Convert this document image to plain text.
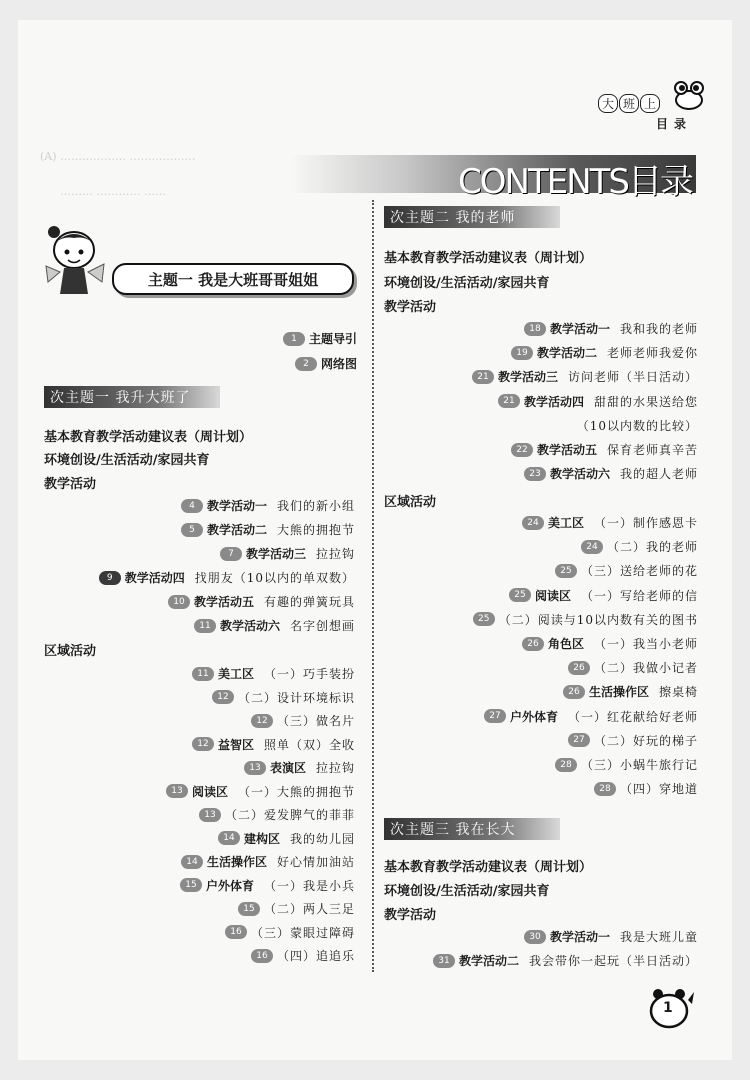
(A) ……………… ………………
……… ………… ……
大 班 上
目录
CONTENTS目录
主题一 我是大班哥哥姐姐
1	主题导引
2	网络图
次主题一 我升大班了
基本教育教学活动建议表（周计划）
环境创设/生活活动/家园共育
教学活动
4	教学活动一 我们的新小组
5	教学活动二 大熊的拥抱节
7	教学活动三 拉拉钩
9	教学活动四 找朋友（10以内的单双数）
10 教学活动五 有趣的弹簧玩具
11 教学活动六 名字创想画
区域活动
11 美工区 （一）巧手装扮
12 （二）设计环境标识
12 （三）做名片
12 益智区 照单（双）全收
13 表演区 拉拉钩
13 阅读区 （一）大熊的拥抱节
13 （二）爱发脾气的菲菲
14 建构区 我的幼儿园
14 生活操作区 好心情加油站
15 户外体育 （一）我是小兵
15 （二）两人三足
16 （三）蒙眼过障碍
16 （四）追追乐
次主题二 我的老师
基本教育教学活动建议表（周计划）
环境创设/生活活动/家园共育
教学活动
18 教学活动一 我和我的老师
19 教学活动二 老师老师我爱你
21 教学活动三 访问老师（半日活动）
21 教学活动四 甜甜的水果送给您
（10以内数的比较）
22 教学活动五 保育老师真辛苦
23 教学活动六 我的超人老师
区域活动
24 美工区 （一）制作感恩卡
24 （二）我的老师
25 （三）送给老师的花
25 阅读区 （一）写给老师的信
25 （二）阅读与10以内数有关的图书
26 角色区 （一）我当小老师
26 （二）我做小记者
26 生活操作区 擦桌椅
27 户外体育 （一）红花献给好老师
27 （二）好玩的梯子
28 （三）小蜗牛旅行记
28 （四）穿地道
次主题三 我在长大
基本教育教学活动建议表（周计划）
环境创设/生活活动/家园共育
教学活动
30 教学活动一 我是大班儿童
31 教学活动二 我会带你一起玩（半日活动）
1
